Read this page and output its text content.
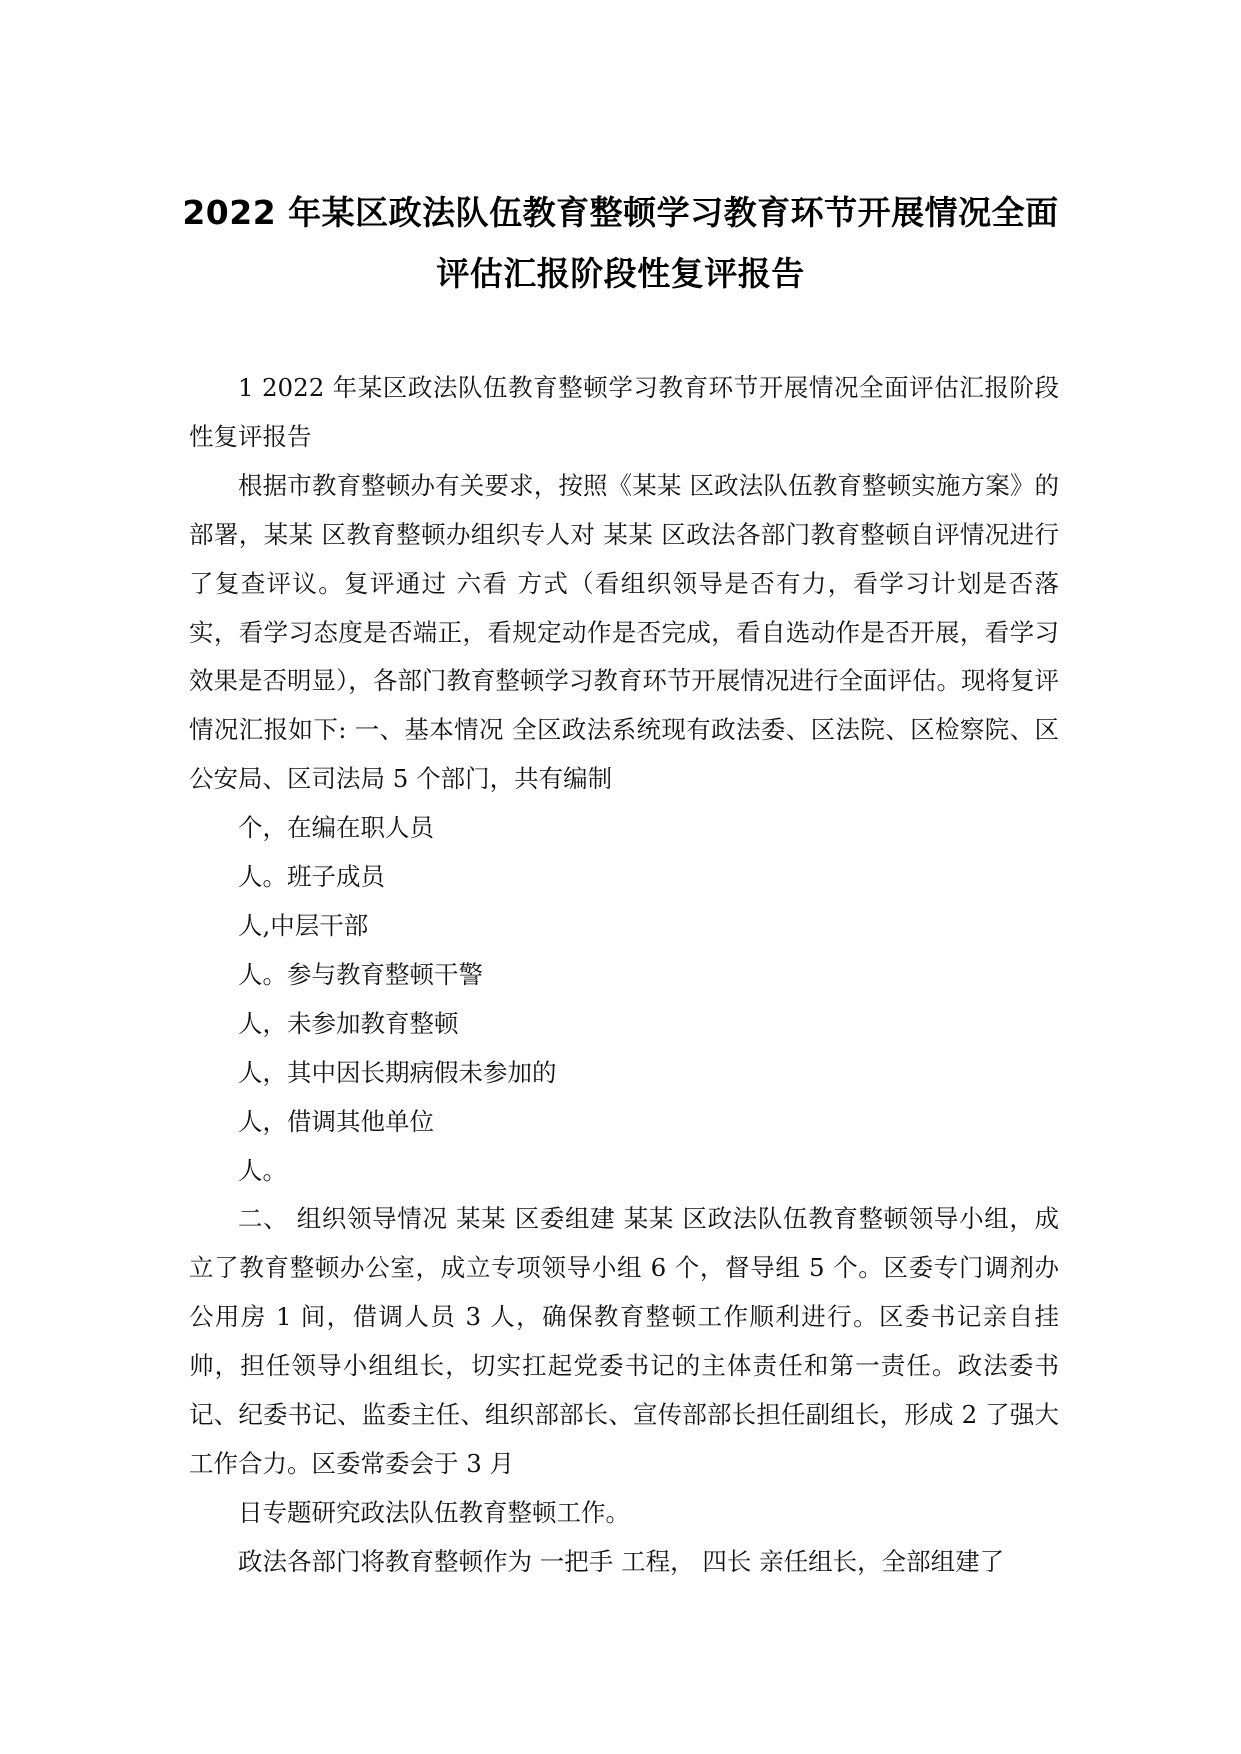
2022 年某区政法队伍教育整顿学习教育环节开展情况全面
评估汇报阶段性复评报告

1 2022 年某区政法队伍教育整顿学习教育环节开展情况全面评估汇报阶段性复评报告

根据市教育整顿办有关要求，按照《某某 区政法队伍教育整顿实施方案》的部署，某某 区教育整顿办组织专人对 某某 区政法各部门教育整顿自评情况进行了复查评议。复评通过 六看 方式（看组织领导是否有力，看学习计划是否落实，看学习态度是否端正，看规定动作是否完成，看自选动作是否开展，看学习效果是否明显），各部门教育整顿学习教育环节开展情况进行全面评估。现将复评情况汇报如下: 一、基本情况 全区政法系统现有政法委、区法院、区检察院、区公安局、区司法局 5 个部门，共有编制

个，在编在职人员

人。班子成员

人,中层干部

人。参与教育整顿干警

人，未参加教育整顿

人，其中因长期病假未参加的

人，借调其他单位

人。

二、 组织领导情况 某某 区委组建 某某 区政法队伍教育整顿领导小组，成立了教育整顿办公室，成立专项领导小组 6 个，督导组 5 个。区委专门调剂办公用房 1 间，借调人员 3 人，确保教育整顿工作顺利进行。区委书记亲自挂帅，担任领导小组组长，切实扛起党委书记的主体责任和第一责任。政法委书记、纪委书记、监委主任、组织部部长、宣传部部长担任副组长，形成 2 了强大工作合力。区委常委会于 3 月

日专题研究政法队伍教育整顿工作。

政法各部门将教育整顿作为 一把手 工程， 四长 亲任组长，全部组建了
